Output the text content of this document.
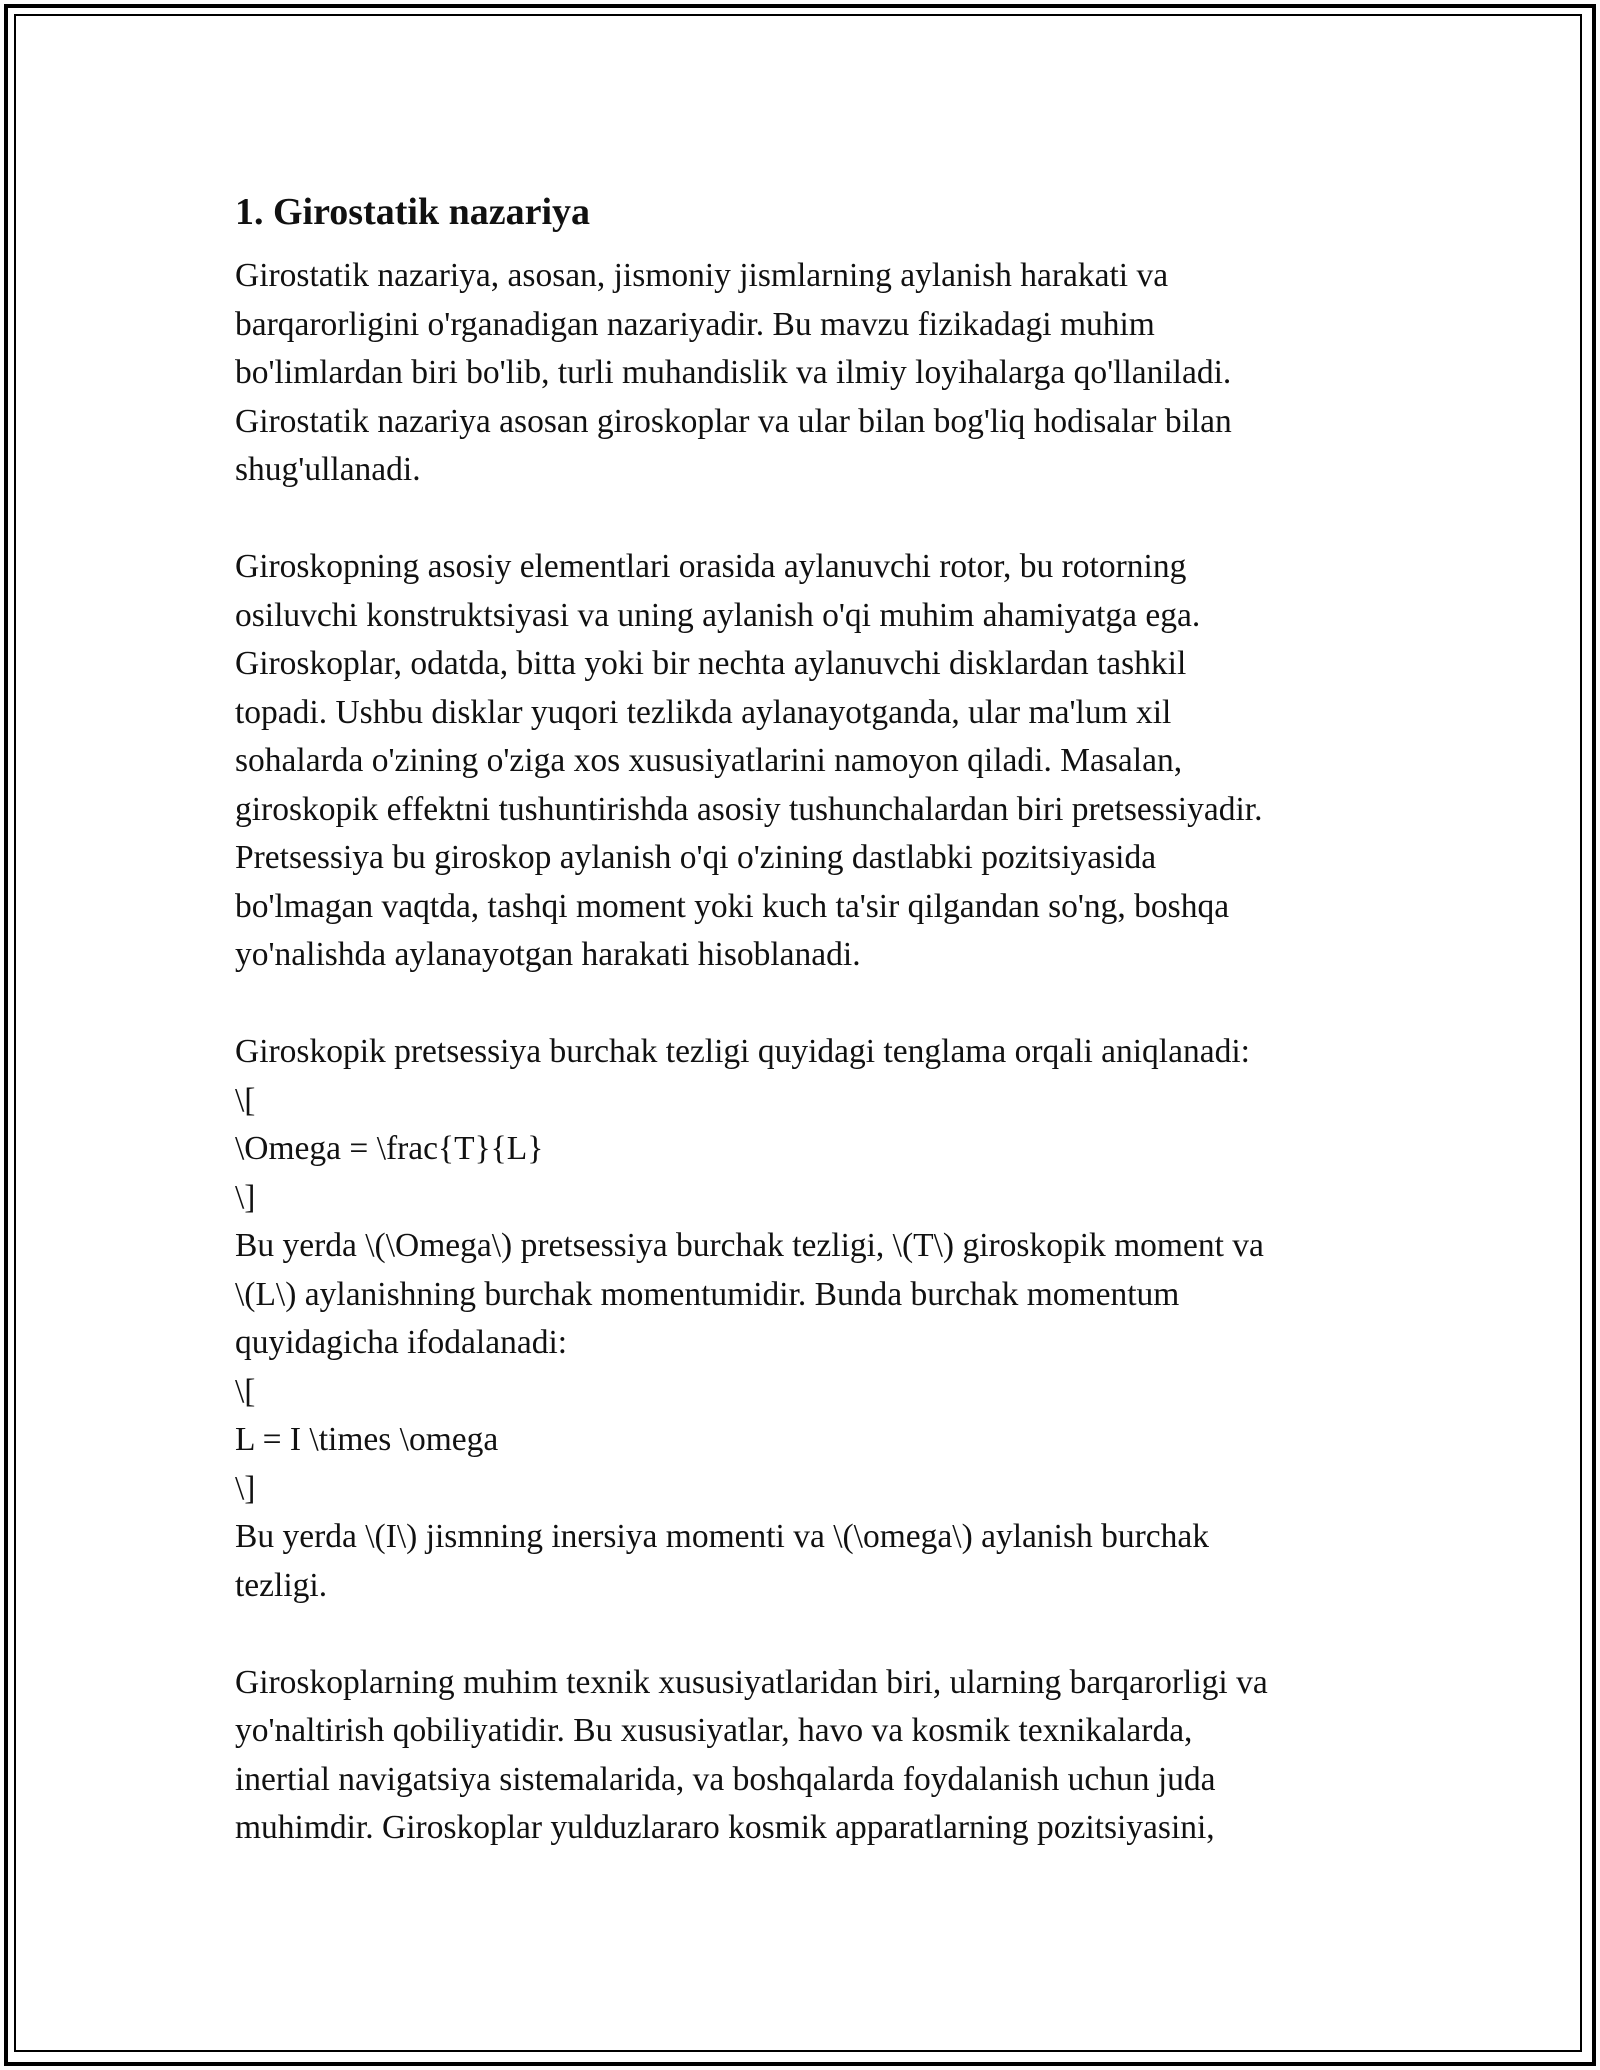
1. Girostatik nazariya
Girostatik nazariya, asosan, jismoniy jismlarning aylanish harakati va
barqarorligini o'rganadigan nazariyadir. Bu mavzu fizikadagi muhim
bo'limlardan biri bo'lib, turli muhandislik va ilmiy loyihalarga qo'llaniladi.
Girostatik nazariya asosan giroskoplar va ular bilan bog'liq hodisalar bilan
shug'ullanadi.
Giroskopning asosiy elementlari orasida aylanuvchi rotor, bu rotorning
osiluvchi konstruktsiyasi va uning aylanish o'qi muhim ahamiyatga ega.
Giroskoplar, odatda, bitta yoki bir nechta aylanuvchi disklardan tashkil
topadi. Ushbu disklar yuqori tezlikda aylanayotganda, ular ma'lum xil
sohalarda o'zining o'ziga xos xususiyatlarini namoyon qiladi. Masalan,
giroskopik effektni tushuntirishda asosiy tushunchalardan biri pretsessiyadir.
Pretsessiya bu giroskop aylanish o'qi o'zining dastlabki pozitsiyasida
bo'lmagan vaqtda, tashqi moment yoki kuch ta'sir qilgandan so'ng, boshqa
yo'nalishda aylanayotgan harakati hisoblanadi.
Giroskopik pretsessiya burchak tezligi quyidagi tenglama orqali aniqlanadi:
\[
\Omega = \frac{T}{L}
\]
Bu yerda \(\Omega\) pretsessiya burchak tezligi, \(T\) giroskopik moment va
\(L\) aylanishning burchak momentumidir. Bunda burchak momentum
quyidagicha ifodalanadi:
\[
L = I \times \omega
\]
Bu yerda \(I\) jismning inersiya momenti va \(\omega\) aylanish burchak
tezligi.
Giroskoplarning muhim texnik xususiyatlaridan biri, ularning barqarorligi va
yo'naltirish qobiliyatidir. Bu xususiyatlar, havo va kosmik texnikalarda,
inertial navigatsiya sistemalarida, va boshqalarda foydalanish uchun juda
muhimdir. Giroskoplar yulduzlararo kosmik apparatlarning pozitsiyasini,
